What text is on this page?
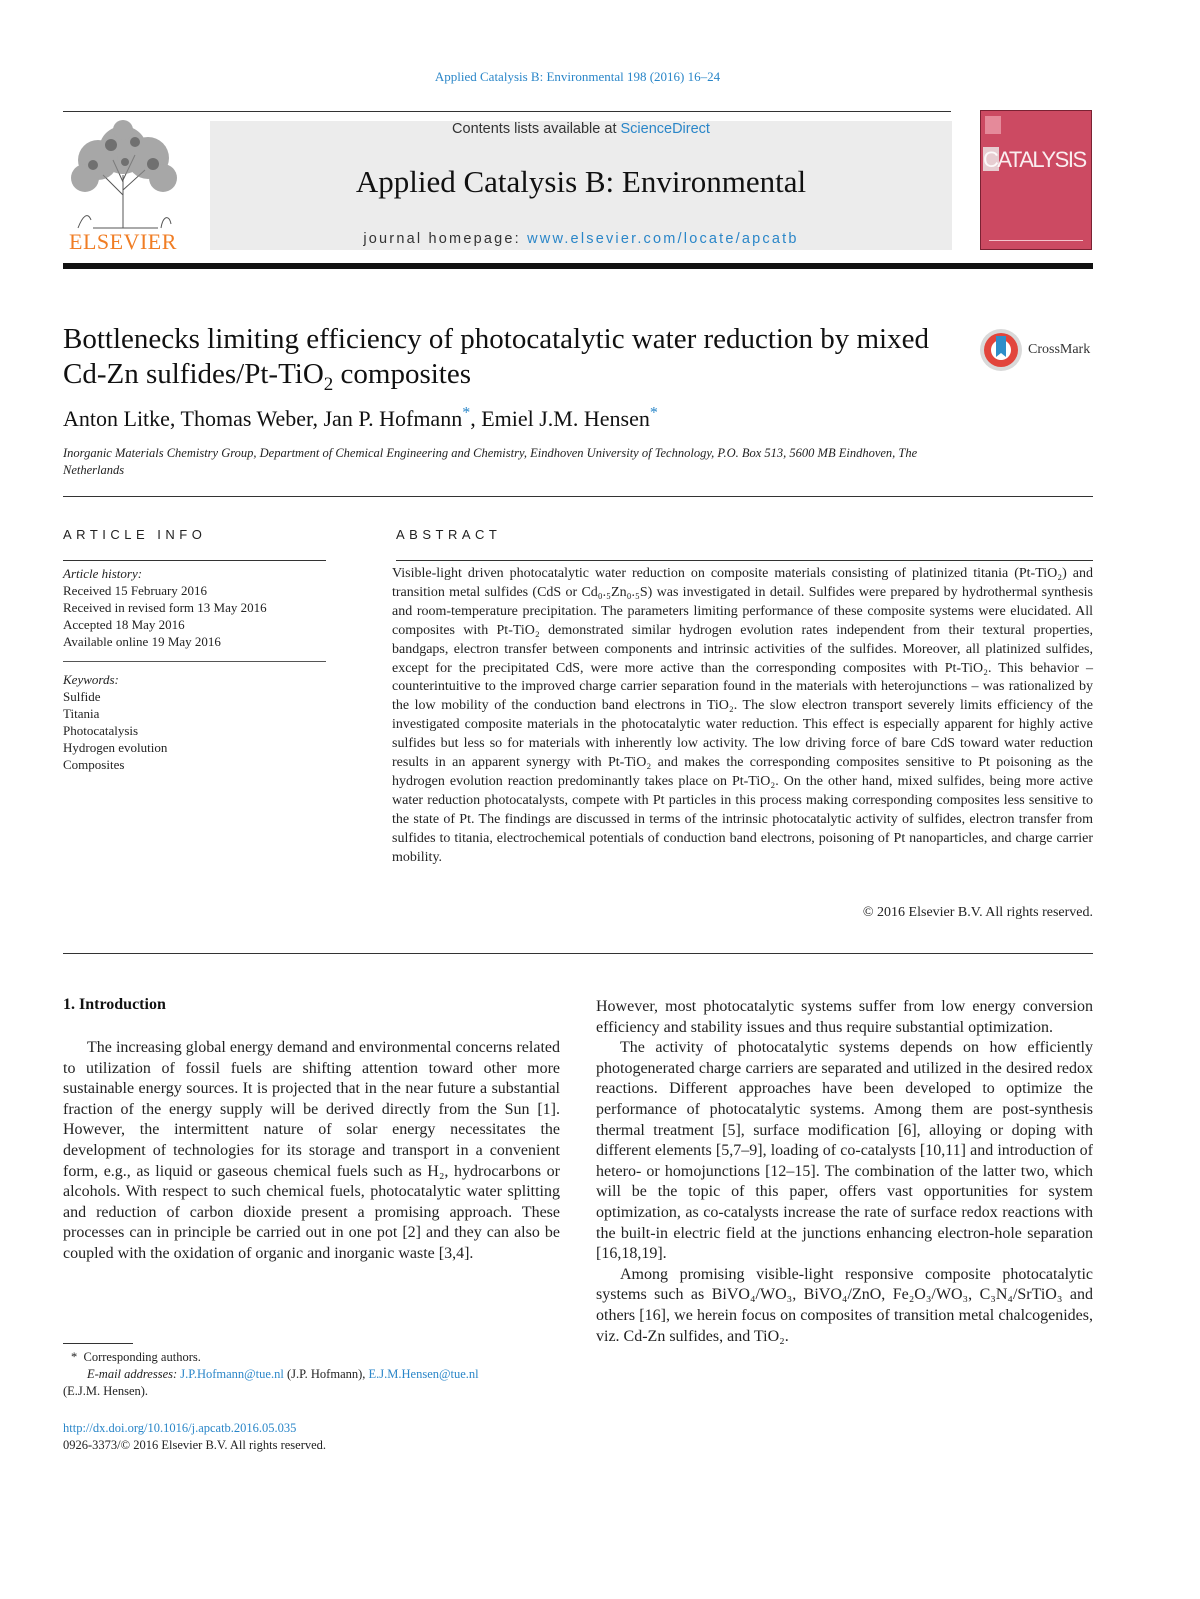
Applied Catalysis B: Environmental 198 (2016) 16–24
ELSEVIER
Contents lists available at ScienceDirect
Applied Catalysis B: Environmental
journal homepage: www.elsevier.com/locate/apcatb
CATALYSIS
Bottlenecks limiting efficiency of photocatalytic water reduction by mixed Cd-Zn sulfides/Pt-TiO$_2$ composites
CrossMark
Anton Litke, Thomas Weber, Jan P. Hofmann*, Emiel J.M. Hensen*
Inorganic Materials Chemistry Group, Department of Chemical Engineering and Chemistry, Eindhoven University of Technology, P.O. Box 513, 5600 MB Eindhoven, The Netherlands
ARTICLE INFO	ABSTRACT
Article history:
Received 15 February 2016
Received in revised form 13 May 2016
Accepted 18 May 2016
Available online 19 May 2016
Keywords:
Sulfide
Titania
Photocatalysis
Hydrogen evolution
Composites
Visible-light driven photocatalytic water reduction on composite materials consisting of platinized titania (Pt-TiO₂) and transition metal sulfides (CdS or Cd₀.₅Zn₀.₅S) was investigated in detail. Sulfides were prepared by hydrothermal synthesis and room-temperature precipitation. The parameters limiting performance of these composite systems were elucidated. All composites with Pt-TiO₂ demonstrated similar hydrogen evolution rates independent from their textural properties, bandgaps, electron transfer between components and intrinsic activities of the sulfides. Moreover, all platinized sulfides, except for the precipitated CdS, were more active than the corresponding composites with Pt-TiO₂. This behavior – counterintuitive to the improved charge carrier separation found in the materials with heterojunctions – was rationalized by the low mobility of the conduction band electrons in TiO₂. The slow electron transport severely limits efficiency of the investigated composite materials in the photocatalytic water reduction. This effect is especially apparent for highly active sulfides but less so for materials with inherently low activity. The low driving force of bare CdS toward water reduction results in an apparent synergy with Pt-TiO₂ and makes the corresponding composites sensitive to Pt poisoning as the hydrogen evolution reaction predominantly takes place on Pt-TiO₂. On the other hand, mixed sulfides, being more active water reduction photocatalysts, compete with Pt particles in this process making corresponding composites less sensitive to the state of Pt. The findings are discussed in terms of the intrinsic photocatalytic activity of sulfides, electron transfer from sulfides to titania, electrochemical potentials of conduction band electrons, poisoning of Pt nanoparticles, and charge carrier mobility.
© 2016 Elsevier B.V. All rights reserved.
1. Introduction

The increasing global energy demand and environmental concerns related to utilization of fossil fuels are shifting attention toward other more sustainable energy sources. It is projected that in the near future a substantial fraction of the energy supply will be derived directly from the Sun [1]. However, the intermittent nature of solar energy necessitates the development of technologies for its storage and transport in a convenient form, e.g., as liquid or gaseous chemical fuels such as H₂, hydrocarbons or alcohols. With respect to such chemical fuels, photocatalytic water splitting and reduction of carbon dioxide present a promising approach. These processes can in principle be carried out in one pot [2] and they can also be coupled with the oxidation of organic and inorganic waste [3,4].

However, most photocatalytic systems suffer from low energy conversion efficiency and stability issues and thus require substantial optimization.

The activity of photocatalytic systems depends on how efficiently photogenerated charge carriers are separated and utilized in the desired redox reactions. Different approaches have been developed to optimize the performance of photocatalytic systems. Among them are post-synthesis thermal treatment [5], surface modification [6], alloying or doping with different elements [5,7–9], loading of co-catalysts [10,11] and introduction of hetero- or homojunctions [12–15]. The combination of the latter two, which will be the topic of this paper, offers vast opportunities for system optimization, as co-catalysts increase the rate of surface redox reactions with the built-in electric field at the junctions enhancing electron-hole separation [16,18,19].

Among promising visible-light responsive composite photocatalytic systems such as BiVO₄/WO₃, BiVO₄/ZnO, Fe₂O₃/WO₃, C₃N₄/SrTiO₃ and others [16], we herein focus on composites of transition metal chalcogenides, viz. Cd-Zn sulfides, and TiO₂.

* Corresponding authors.
E-mail addresses: J.P.Hofmann@tue.nl (J.P. Hofmann), E.J.M.Hensen@tue.nl
(E.J.M. Hensen).
http://dx.doi.org/10.1016/j.apcatb.2016.05.035
0926-3373/© 2016 Elsevier B.V. All rights reserved.
